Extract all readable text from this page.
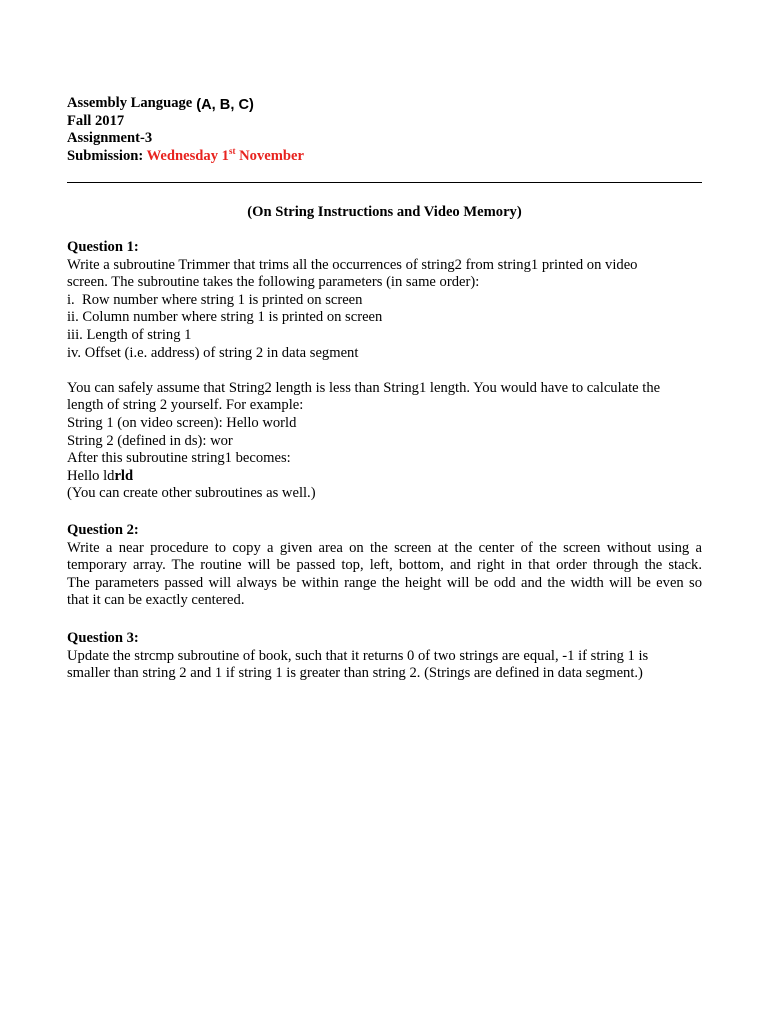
Assembly Language (A, B, C)
Fall 2017
Assignment-3
Submission: Wednesday 1st November
(On String Instructions and Video Memory)
Question 1:
Write a subroutine Trimmer that trims all the occurrences of string2 from string1 printed on video
screen. The subroutine takes the following parameters (in same order):
i.  Row number where string 1 is printed on screen
ii. Column number where string 1 is printed on screen
iii. Length of string 1
iv. Offset (i.e. address) of string 2 in data segment
You can safely assume that String2 length is less than String1 length. You would have to calculate the
length of string 2 yourself. For example:
String 1 (on video screen): Hello world
String 2 (defined in ds): wor
After this subroutine string1 becomes:
Hello ldrld
(You can create other subroutines as well.)
Question 2:
Write a near procedure to copy a given area on the screen at the center of the screen without using a
temporary array. The routine will be passed top, left, bottom, and right in that order through the stack.
The parameters passed will always be within range the height will be odd and the width will be even so
that it can be exactly centered.
Question 3:
Update the strcmp subroutine of book, such that it returns 0 of two strings are equal, -1 if string 1 is
smaller than string 2 and 1 if string 1 is greater than string 2. (Strings are defined in data segment.)
